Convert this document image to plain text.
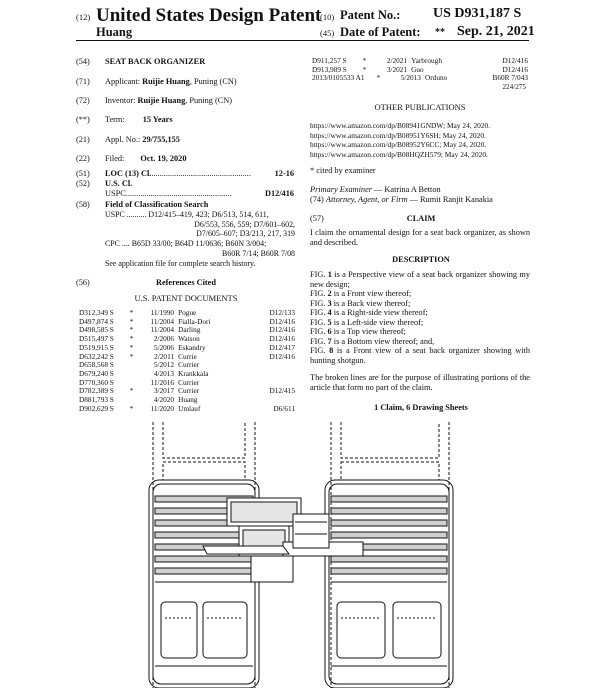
(12) United States Design Patent
Huang
(10) Patent No.: US D931,187 S
(45) Date of Patent: ** Sep. 21, 2021
(54) SEAT BACK ORGANIZER
(71) Applicant: Ruijie Huang, Puning (CN)
(72) Inventor: Ruijie Huang, Puning (CN)
(**) Term: 15 Years
(21) Appl. No.: 29/755,155
(22) Filed: Oct. 19, 2020
(51)	LOC (13) Cl. ................................................	12-16
(52) U.S. Cl.
USPC ...................................................	D12/416
(58) Field of Classification Search
USPC .......... D12/415–419, 423; D6/513, 514, 611,
D6/553, 556, 559; D7/601–602,
D7/605–607; D3/213, 217, 319
CPC .... B65D 33/00; B64D 11/0636; B60N 3/004;
B60R 7/14; B60R 7/08
See application file for complete search history.
(56)	References Cited
U.S. PATENT DOCUMENTS
D312,349 S	*	11/1990 Pogue	D12/133
D497,874 S	*	11/2004 Fialla-Dori	D12/416
D498,585 S	*	11/2004 Darling	D12/416
D515,497 S	*	2/2006 Watson	D12/416
D519,915 S	*	5/2006 Eskandry	D12/417
D632,242 S	*	2/2011 Currie	D12/416
D658,568 S	5/2012 Currier
D679,240 S	4/2013 Krankkala
D770,360 S	11/2016 Currier
D782,389 S	*	3/2017 Currier	D12/415
D881,793 S	4/2020 Huang
D902,629 S	*	11/2020 Umlauf	D6/611
D911,257 S	*	2/2021 Yarbrough	D12/416
D913,989 S	*	3/2021 Guo	D12/416
2013/0105533 A1	*	5/2013 Orduno	B60R 7/043
224/275
OTHER PUBLICATIONS
https://www.amazon.com/dp/B08941GNDW; May 24, 2020.
https://www.amazon.com/dp/B08951Y6SH; May 24, 2020.
https://www.amazon.com/dp/B08952Y6CC; May 24, 2020.
https://www.amazon.com/dp/B08HQZH579; May 24, 2020.
* cited by examiner
Primary Examiner — Katrina A Betton
(74) Attorney, Agent, or Firm — Rumit Ranjit Kanakia
(57)	CLAIM
I claim the ornamental design for a seat back organizer, as shown and described.
DESCRIPTION
FIG. 1 is a Perspective view of a seat back organizer showing my new design;
FIG. 2 is a Front view thereof;
FIG. 3 is a Back view thereof;
FIG. 4 is a Right-side view thereof;
FIG. 5 is a Left-side view thereof;
FIG. 6 is a Top view thereof;
FIG. 7 is a Bottom view thereof; and,
FIG. 8 is a Front view of a seat back organizer showing with hunting shotgun.
The broken lines are for the purpose of illustrating portions of the article that form no part of the claim.
1 Claim, 6 Drawing Sheets
